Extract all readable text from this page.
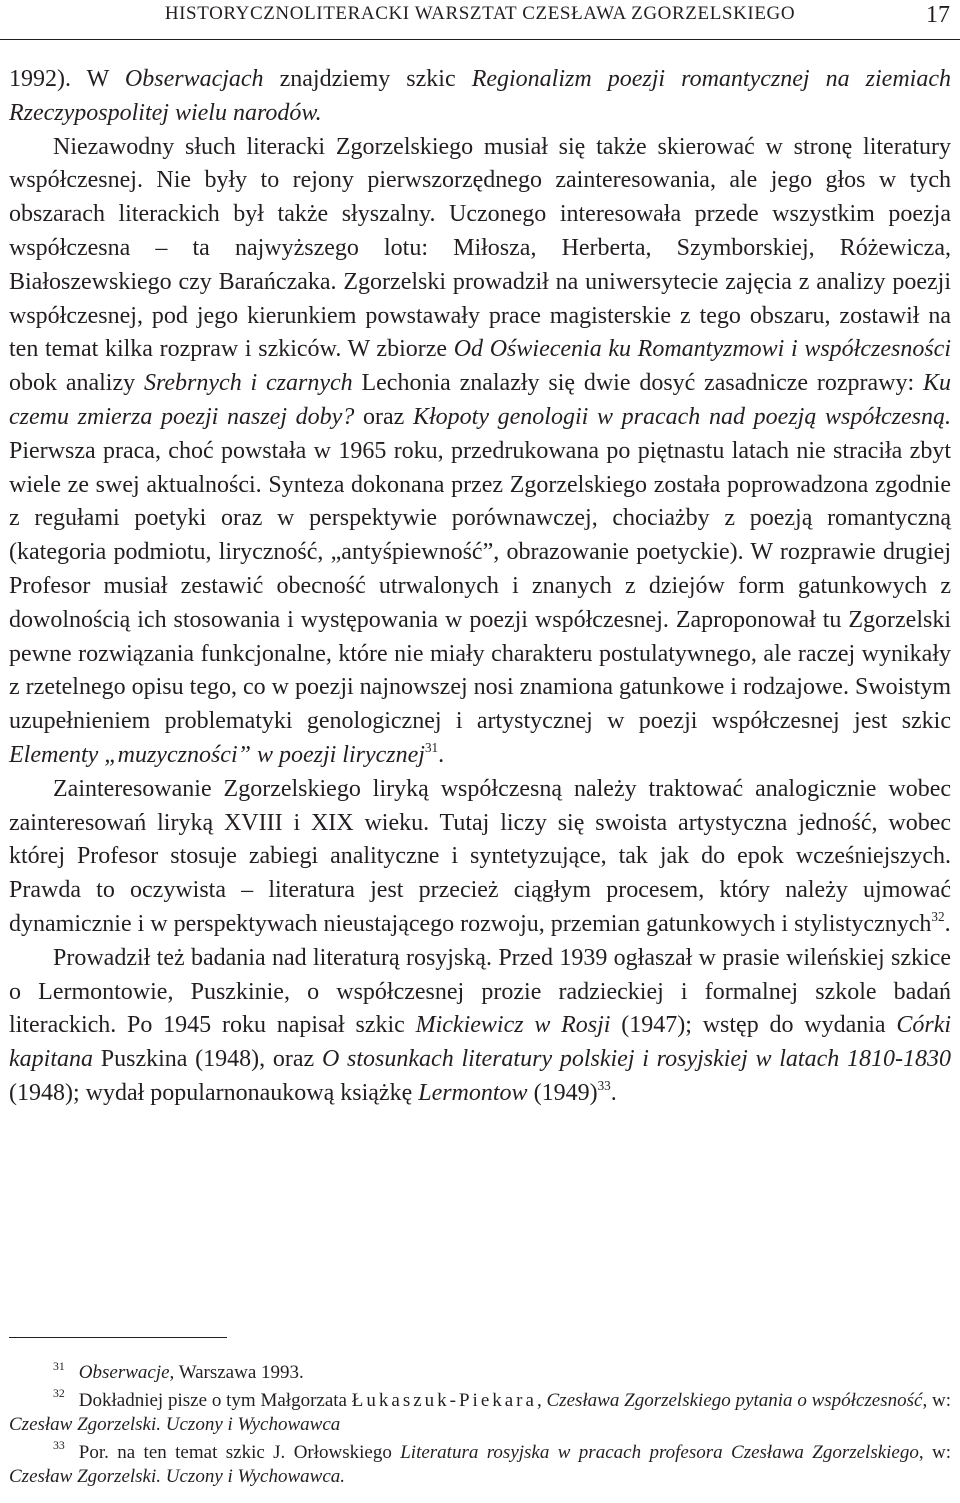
HISTORYCZNOLITERACKI WARSZTAT CZESŁAWA ZGORZELSKIEGO	17

1992). W Obserwacjach znajdziemy szkic Regionalizm poezji romantycznej na ziemiach Rzeczypospolitej wielu narodów.

Niezawodny słuch literacki Zgorzelskiego musiał się także skierować w stronę literatury współczesnej. Nie były to rejony pierwszorzędnego zainteresowania, ale jego głos w tych obszarach literackich był także słyszalny. Uczonego interesowała przede wszystkim poezja współczesna – ta najwyższego lotu: Miłosza, Herberta, Szymborskiej, Różewicza, Białoszewskiego czy Barańczaka. Zgorzelski prowadził na uniwersytecie zajęcia z analizy poezji współczesnej, pod jego kierunkiem powstawały prace magisterskie z tego obszaru, zostawił na ten temat kilka rozpraw i szkiców. W zbiorze Od Oświecenia ku Romantyzmowi i współczesności obok analizy Srebrnych i czarnych Lechonia znalazły się dwie dosyć zasadnicze rozprawy: Ku czemu zmierza poezji naszej doby? oraz Kłopoty genologii w pracach nad poezją współczesną. Pierwsza praca, choć powstała w 1965 roku, przedrukowana po piętnastu latach nie straciła zbyt wiele ze swej aktualności. Synteza dokonana przez Zgorzelskiego została poprowadzona zgodnie z regułami poetyki oraz w perspektywie porównawczej, chociażby z poezją romantyczną (kategoria podmiotu, liryczność, „antyśpiewność”, obrazowanie poetyckie). W rozprawie drugiej Profesor musiał zestawić obecność utrwalonych i znanych z dziejów form gatunkowych z dowolnością ich stosowania i występowania w poezji współczesnej. Zaproponował tu Zgorzelski pewne rozwiązania funkcjonalne, które nie miały charakteru postulatywnego, ale raczej wynikały z rzetelnego opisu tego, co w poezji najnowszej nosi znamiona gatunkowe i rodzajowe. Swoistym uzupełnieniem problematyki genologicznej i artystycznej w poezji współczesnej jest szkic Elementy „muzyczności” w poezji lirycznej$^{31}$.

Zainteresowanie Zgorzelskiego liryką współczesną należy traktować analogicznie wobec zainteresowań liryką XVIII i XIX wieku. Tutaj liczy się swoista artystyczna jedność, wobec której Profesor stosuje zabiegi analityczne i syntetyzujące, tak jak do epok wcześniejszych. Prawda to oczywista – literatura jest przecież ciągłym procesem, który należy ujmować dynamicznie i w perspektywach nieustającego rozwoju, przemian gatunkowych i stylistycznych$^{32}$.

Prowadził też badania nad literaturą rosyjską. Przed 1939 ogłaszał w prasie wileńskiej szkice o Lermontowie, Puszkinie, o współczesnej prozie radzieckiej i formalnej szkole badań literackich. Po 1945 roku napisał szkic Mickiewicz w Rosji (1947); wstęp do wydania Córki kapitana Puszkina (1948), oraz O stosunkach literatury polskiej i rosyjskiej w latach 1810-1830 (1948); wydał popularnonaukową książkę Lermontow $(1949)^{33}$.

$^{31}$ Obserwacje, Warszawa 1993.

$^{32}$ Dokładniej pisze o tym Małgorzata Łukaszuk-Piekara, Czesława Zgorzelskiego pytania o współczesność, w: Czesław Zgorzelski. Uczony i Wychowawca

$^{33}$ Por. na ten temat szkic J. Orłowskiego Literatura rosyjska w pracach profesora Czesława Zgorzelskiego, w: Czesław Zgorzelski. Uczony i Wychowawca.
